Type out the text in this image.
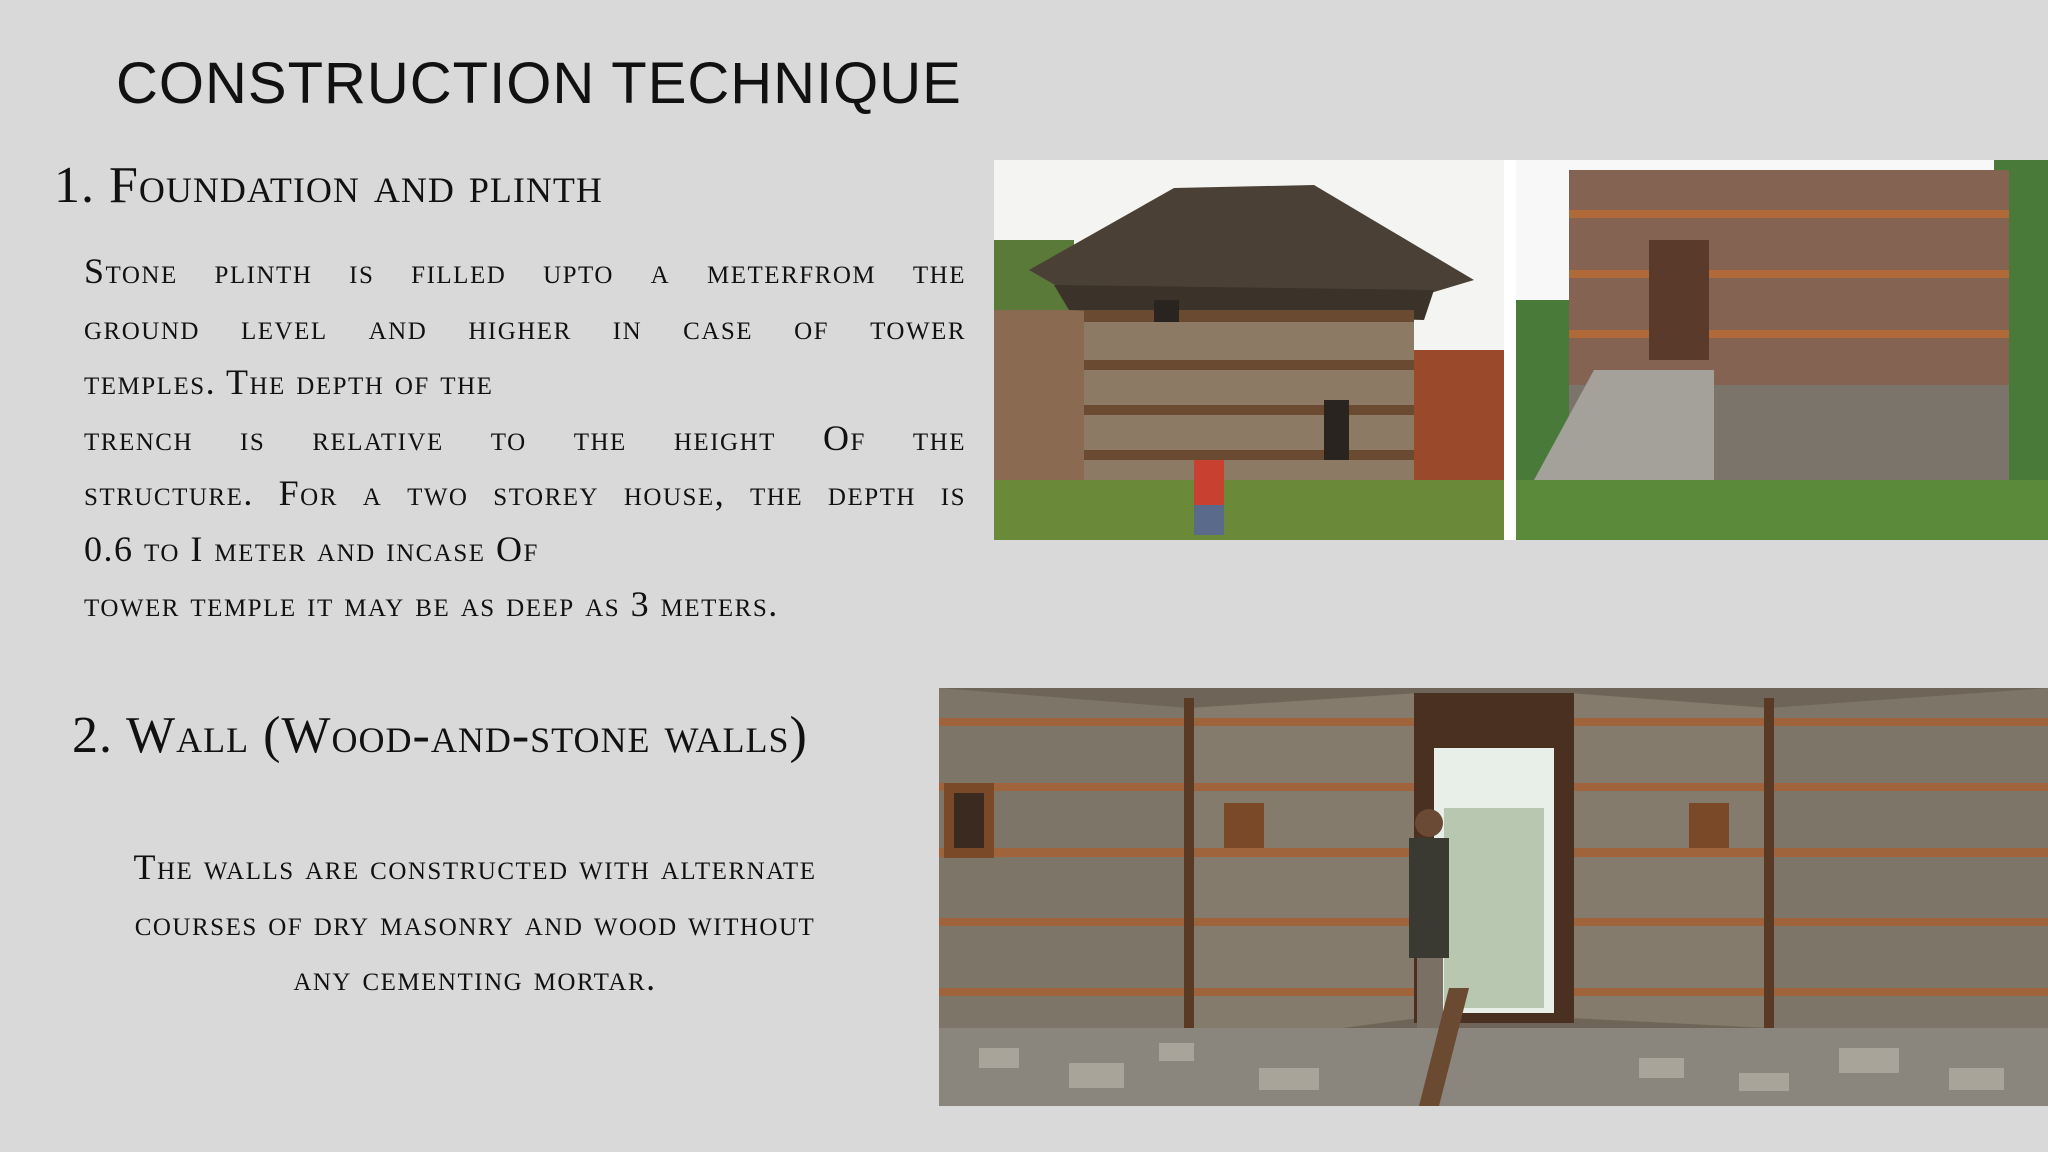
CONSTRUCTION TECHNIQUE
1. Foundation and plinth

Stone plinth is filled upto a meterfrom the
ground level and higher in case of tower
temples. The depth of the
trench is relative to the height Of the
structure. For a two storey house, the depth is
0.6 to I meter and incase Of
tower temple it may be as deep as 3 meters.

2. Wall (Wood-and-stone walls)

The walls are constructed with alternate
courses of dry masonry and wood without
any cementing mortar.
